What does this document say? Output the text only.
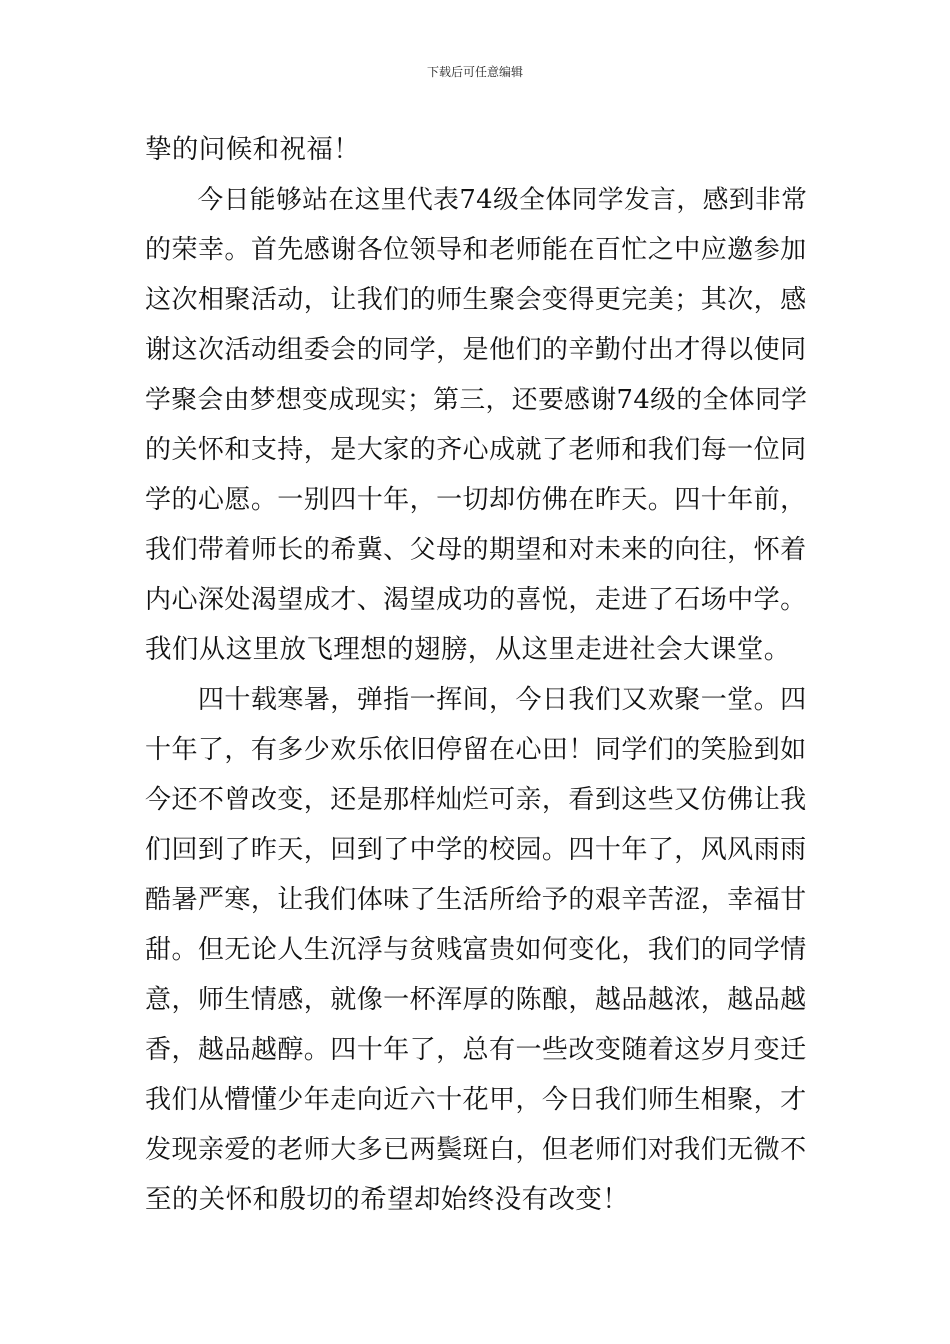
下载后可任意编辑
挚的问候和祝福！
　　今日能够站在这里代表74级全体同学发言，感到非常
的荣幸。首先感谢各位领导和老师能在百忙之中应邀参加
这次相聚活动，让我们的师生聚会变得更完美；其次，感
谢这次活动组委会的同学，是他们的辛勤付出才得以使同
学聚会由梦想变成现实；第三，还要感谢74级的全体同学
的关怀和支持，是大家的齐心成就了老师和我们每一位同
学的心愿。一别四十年，一切却仿佛在昨天。四十年前，
我们带着师长的希冀、父母的期望和对未来的向往，怀着
内心深处渴望成才、渴望成功的喜悦，走进了石场中学。
我们从这里放飞理想的翅膀，从这里走进社会大课堂。
　　四十载寒暑，弹指一挥间，今日我们又欢聚一堂。四
十年了，有多少欢乐依旧停留在心田！同学们的笑脸到如
今还不曾改变，还是那样灿烂可亲，看到这些又仿佛让我
们回到了昨天，回到了中学的校园。四十年了，风风雨雨
酷暑严寒，让我们体味了生活所给予的艰辛苦涩，幸福甘
甜。但无论人生沉浮与贫贱富贵如何变化，我们的同学情
意，师生情感，就像一杯浑厚的陈酿，越品越浓，越品越
香，越品越醇。四十年了，总有一些改变随着这岁月变迁
我们从懵懂少年走向近六十花甲，今日我们师生相聚，才
发现亲爱的老师大多已两鬓斑白，但老师们对我们无微不
至的关怀和殷切的希望却始终没有改变！
